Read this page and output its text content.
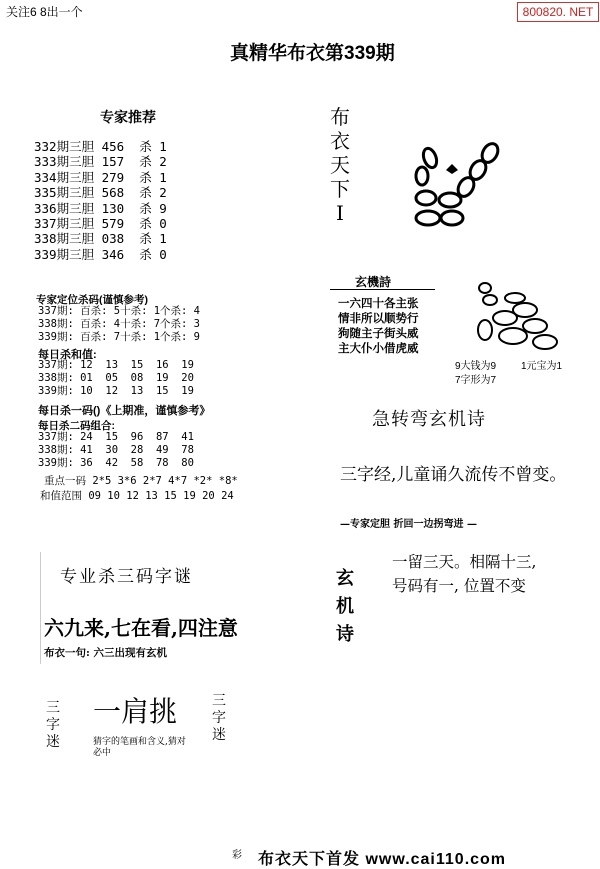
关注6 8出一个	800820. NET
真精华布衣第339期
专家推荐
332期三胆 456  杀 1
333期三胆 157  杀 2
334期三胆 279  杀 1
335期三胆 568  杀 2
336期三胆 130  杀 9
337期三胆 579  杀 0
338期三胆 038  杀 1
339期三胆 346  杀 0
专家定位杀码(谨慎参考)
337期: 百杀: 5十杀: 1个杀: 4
338期: 百杀: 4十杀: 7个杀: 3
339期: 百杀: 7十杀: 1个杀: 9
每日杀和值:
337期: 12  13  15  16  19
338期: 01  05  08  19  20
339期: 10  12  13  15  19
每日杀一码()《上期准，谨慎参考》
每日杀二码组合:
337期: 24  15  96  87  41
338期: 41  30  28  49  78
339期: 36  42  58  78  80
重点一码 2*5 3*6 2*7 4*7 *2* *8*
和值范围 09 10 12 13 15 19 20 24
专业杀三码字谜
六九来,七在看,四注意
布衣一句: 六三出现有玄机
三字迷
三字迷
一肩挑
猜字的笔画和含义,猜对必中
布衣天下I
玄機詩
一六四十各主张
情非所以顺势行
狗随主子街头威
主大仆小借虎威
9大钱为9 1元宝为1
7字形为7
急转弯玄机诗
三字经,儿童诵久流传不曾变。
—专家定胆 折回一边拐弯进 —
玄机诗
一留三天。相隔十三,
号码有一, 位置不变
彩 布衣天下首发 www.cai110.com
